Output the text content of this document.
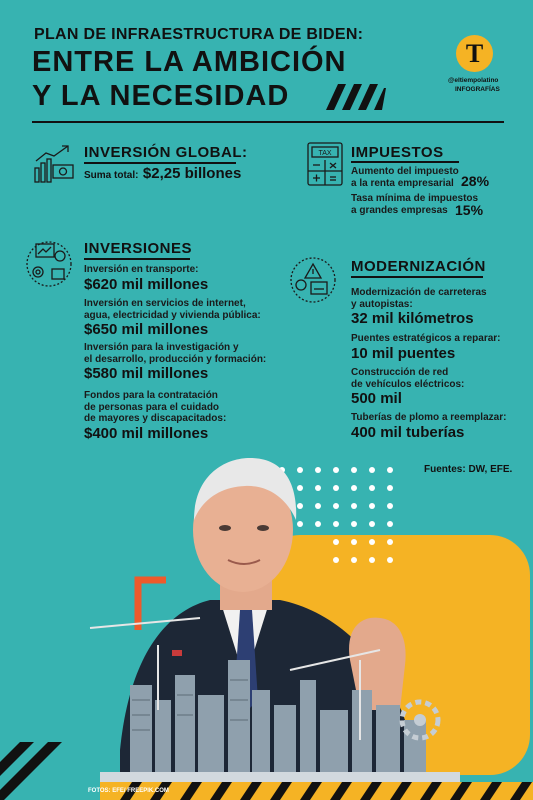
PLAN DE INFRAESTRUCTURA DE BIDEN:
ENTRE LA AMBICIÓN
Y LA NECESIDAD
T
@eltiempolatino
INFOGRAFÍAS
INVERSIÓN GLOBAL:
Suma total: $2,25 billones
TAX IMPUESTOS
Aumento del impuesto
a la renta empresarial 28%
Tasa mínima de impuestos
a grandes empresas 15%
INVERSIONES
Inversión en transporte:
$620 mil millones
Inversión en servicios de internet,
agua, electricidad y vivienda pública:
$650 mil millones
Inversión para la investigación y
el desarrollo, producción y formación:
$580 mil millones
Fondos para la contratación
de personas para el cuidado
de mayores y discapacitados:
$400 mil millones
MODERNIZACIÓN
Modernización de carreteras
y autopistas:
32 mil kilómetros
Puentes estratégicos a reparar:
10 mil puentes
Construcción de red
de vehículos eléctricos:
500 mil
Tuberías de plomo a reemplazar:
400 mil tuberías
Fuentes: DW, EFE.
FOTOS: EFE/ FREEPIK.COM
